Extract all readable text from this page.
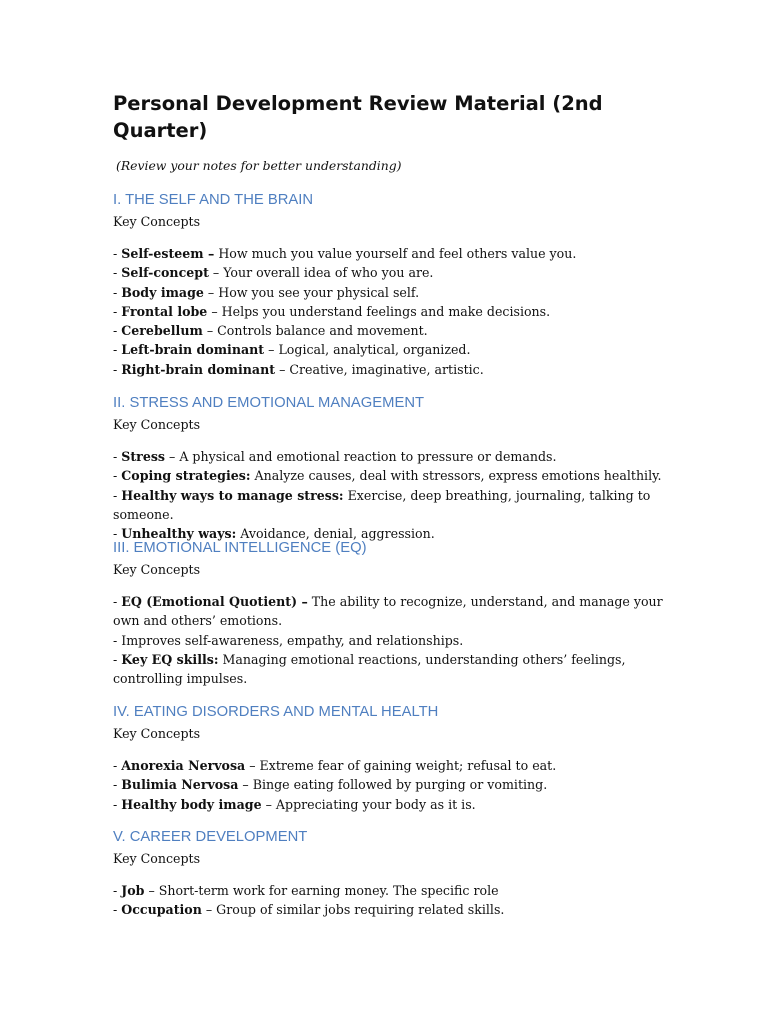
Personal Development Review Material (2nd Quarter)

(Review your notes for better understanding)

I. THE SELF AND THE BRAIN

Key Concepts

- Self-esteem – How much you value yourself and feel others value you.
- Self-concept – Your overall idea of who you are.
- Body image – How you see your physical self.
- Frontal lobe – Helps you understand feelings and make decisions.
- Cerebellum – Controls balance and movement.
- Left-brain dominant – Logical, analytical, organized.
- Right-brain dominant – Creative, imaginative, artistic.
II. STRESS AND EMOTIONAL MANAGEMENT

Key Concepts

- Stress – A physical and emotional reaction to pressure or demands.
- Coping strategies: Analyze causes, deal with stressors, express emotions healthily.
- Healthy ways to manage stress: Exercise, deep breathing, journaling, talking to someone.
- Unhealthy ways: Avoidance, denial, aggression.
III. EMOTIONAL INTELLIGENCE (EQ)

Key Concepts

- EQ (Emotional Quotient) – The ability to recognize, understand, and manage your own and others’ emotions.
- Improves self-awareness, empathy, and relationships.
- Key EQ skills: Managing emotional reactions, understanding others’ feelings, controlling impulses.
IV. EATING DISORDERS AND MENTAL HEALTH

Key Concepts

- Anorexia Nervosa – Extreme fear of gaining weight; refusal to eat.
- Bulimia Nervosa – Binge eating followed by purging or vomiting.
- Healthy body image – Appreciating your body as it is.
V. CAREER DEVELOPMENT

Key Concepts

- Job – Short-term work for earning money. The specific role
- Occupation – Group of similar jobs requiring related skills.
